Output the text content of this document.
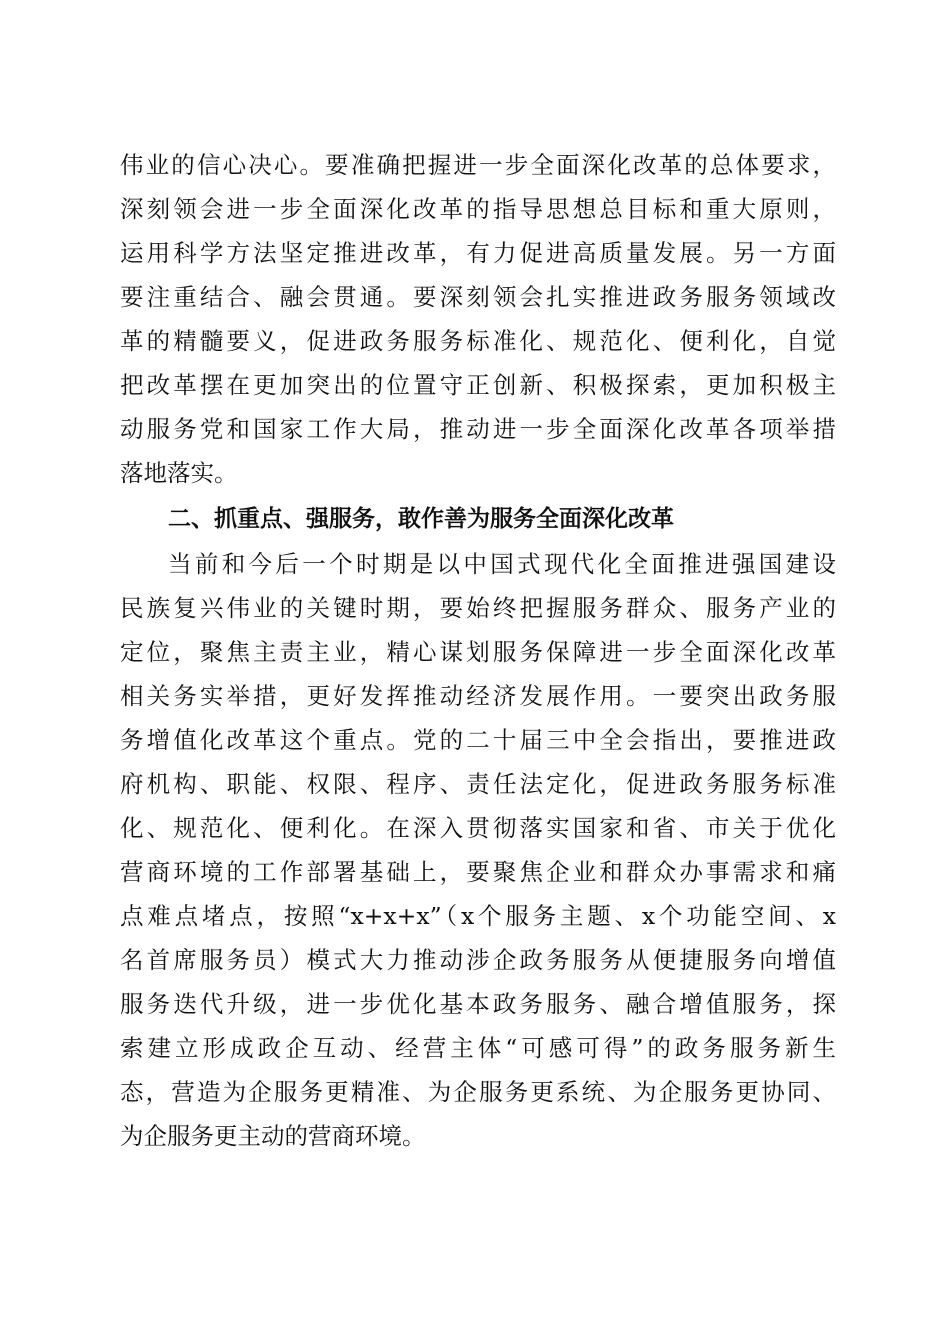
伟业的信心决心。要准确把握进一步全面深化改革的总体要求，
深刻领会进一步全面深化改革的指导思想总目标和重大原则，
运用科学方法坚定推进改革，有力促进高质量发展。另一方面
要注重结合、融会贯通。要深刻领会扎实推进政务服务领域改
革的精髓要义，促进政务服务标准化、规范化、便利化，自觉
把改革摆在更加突出的位置守正创新、积极探索，更加积极主
动服务党和国家工作大局，推动进一步全面深化改革各项举措
落地落实。
二、抓重点、强服务，敢作善为服务全面深化改革
当前和今后一个时期是以中国式现代化全面推进强国建设
民族复兴伟业的关键时期，要始终把握服务群众、服务产业的
定位，聚焦主责主业，精心谋划服务保障进一步全面深化改革
相关务实举措，更好发挥推动经济发展作用。一要突出政务服
务增值化改革这个重点。党的二十届三中全会指出，要推进政
府机构、职能、权限、程序、责任法定化，促进政务服务标准
化、规范化、便利化。在深入贯彻落实国家和省、市关于优化
营商环境的工作部署基础上，要聚焦企业和群众办事需求和痛
点难点堵点，按照“x+x+x”（x个服务主题、x个功能空间、x
名首席服务员）模式大力推动涉企政务服务从便捷服务向增值
服务迭代升级，进一步优化基本政务服务、融合增值服务，探
索建立形成政企互动、经营主体“可感可得”的政务服务新生
态，营造为企服务更精准、为企服务更系统、为企服务更协同、
为企服务更主动的营商环境。
